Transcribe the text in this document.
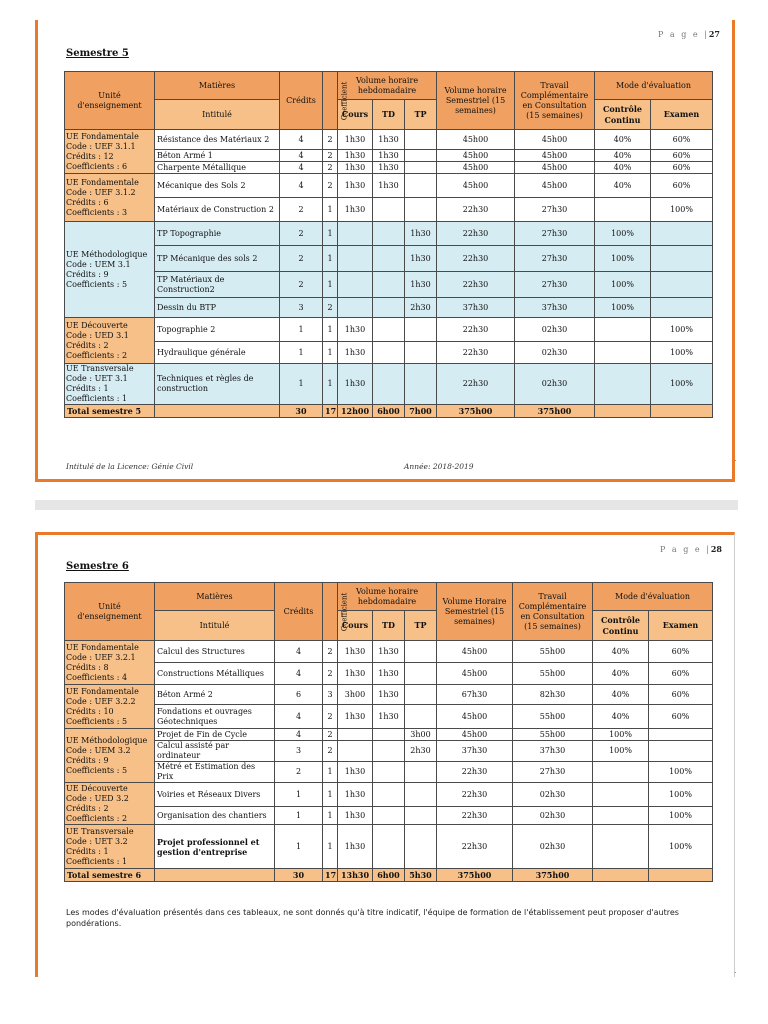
P a g e |27
Semestre 5
Unité d'enseignement	Matières	Crédits	Coefficient	Volume horaire hebdomadaire			Volume horaire Semestriel (15 semaines)	Travail Complémentaire en Consultation (15 semaines)	Mode d'évaluation	
	Intitulé			Cours	TD	TP			Contrôle Continu	Examen

UE Fondamentale
Code : UEF 3.1.1
Crédits : 12
Coefficients : 6	Résistance des Matériaux 2	4	2	1h30	1h30		45h00	45h00	40%	60%
	Béton Armé 1	4	2	1h30	1h30		45h00	45h00	40%	60%
	Charpente Métallique	4	2	1h30	1h30		45h00	45h00	40%	60%

UE Fondamentale
Code : UEF 3.1.2
Crédits : 6
Coefficients : 3	Mécanique des Sols 2	4	2	1h30	1h30		45h00	45h00	40%	60%
	Matériaux de Construction 2	2	1	1h30			22h30	27h30		100%

UE Méthodologique
Code : UEM 3.1
Crédits : 9
Coefficients : 5	TP Topographie	2	1			1h30	22h30	27h30	100%	
	TP Mécanique des sols 2	2	1			1h30	22h30	27h30	100%	
	TP Matériaux de Construction2	2	1			1h30	22h30	27h30	100%	
	Dessin du BTP	3	2			2h30	37h30	37h30	100%	

UE Découverte
Code : UED 3.1
Crédits : 2
Coefficients : 2	Topographie 2	1	1	1h30			22h30	02h30		100%
	Hydraulique générale	1	1	1h30			22h30	02h30		100%

UE Transversale
Code : UET 3.1
Crédits : 1
Coefficients : 1	Techniques et règles de construction	1	1	1h30			22h30	02h30		100%
Total semestre 5		30	17	12h00	6h00	7h00	375h00	375h00		
Intitulé de la Licence: Génie Civil	Année: 2018-2019
P a g e |28
Semestre 6
Unité d'enseignement	Matières	Crédits	Coefficient	Volume horaire hebdomadaire			Volume Horaire Semestriel (15 semaines)	Travail Complémentaire en Consultation (15 semaines)	Mode d'évaluation	
	Intitulé			Cours	TD	TP			Contrôle Continu	Examen

UE Fondamentale
Code : UEF 3.2.1
Crédits : 8
Coefficients : 4	Calcul des Structures	4	2	1h30	1h30		45h00	55h00	40%	60%
	Constructions Métalliques	4	2	1h30	1h30		45h00	55h00	40%	60%

UE Fondamentale
Code : UEF 3.2.2
Crédits : 10
Coefficients : 5	Béton Armé 2	6	3	3h00	1h30		67h30	82h30	40%	60%
	Fondations et ouvrages Géotechniques	4	2	1h30	1h30		45h00	55h00	40%	60%

UE Méthodologique
Code : UEM 3.2
Crédits : 9
Coefficients : 5	Projet de Fin de Cycle	4	2			3h00	45h00	55h00	100%	
	Calcul assisté par ordinateur	3	2			2h30	37h30	37h30	100%	
	Métré et Estimation des Prix	2	1	1h30			22h30	27h30		100%

UE Découverte
Code : UED 3.2
Crédits : 2
Coefficients : 2	Voiries et Réseaux Divers	1	1	1h30			22h30	02h30		100%
	Organisation des chantiers	1	1	1h30			22h30	02h30		100%

UE Transversale
Code : UET 3.2
Crédits : 1
Coefficients : 1	Projet professionnel et gestion d'entreprise	1	1	1h30			22h30	02h30		100%
Total semestre 6		30	17	13h30	6h00	5h30	375h00	375h00		
Les modes d'évaluation présentés dans ces tableaux, ne sont donnés qu'à titre indicatif, l'équipe de formation de l'établissement peut proposer d'autres pondérations.
